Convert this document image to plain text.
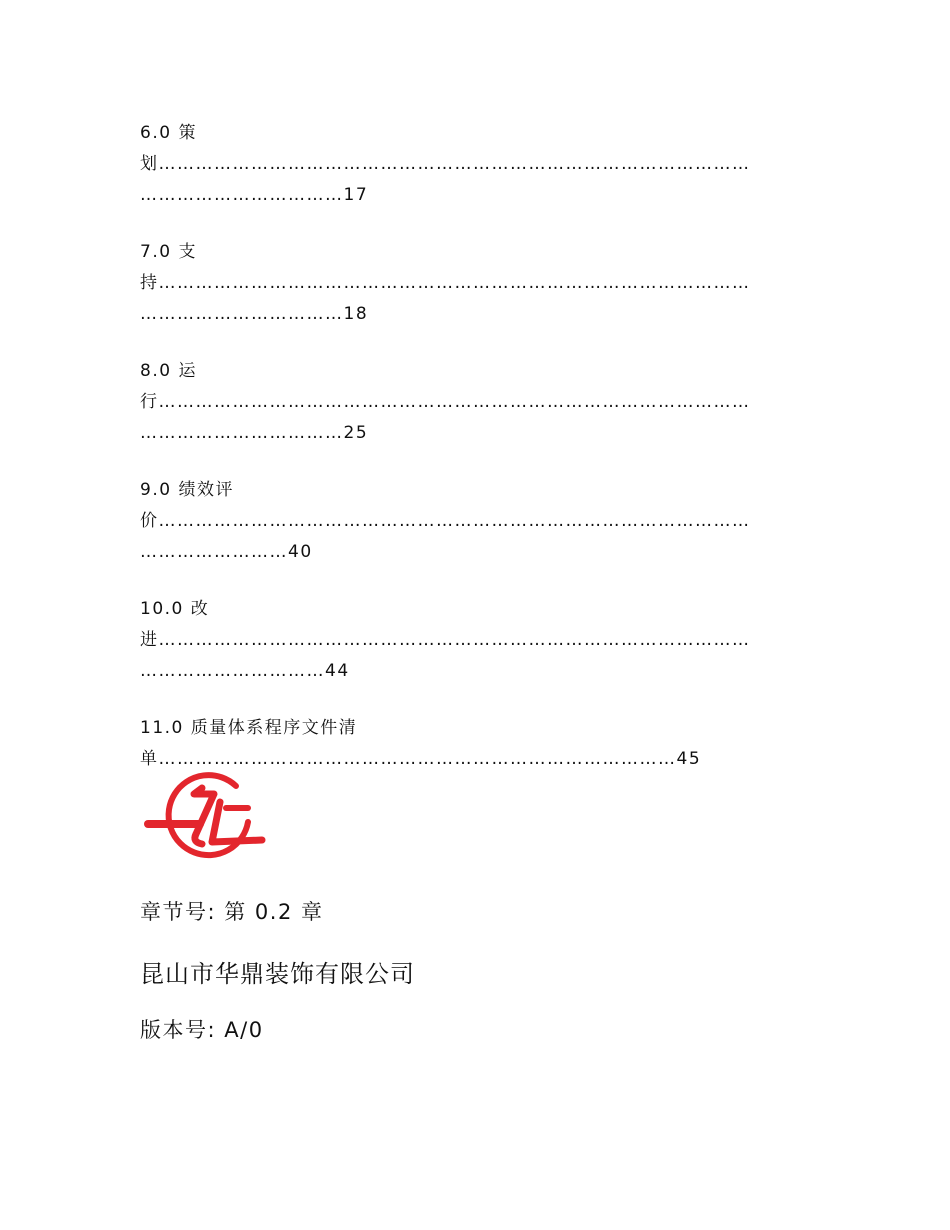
6.0 策
划……………………………………………………………………………………
……………………………17
7.0 支
持……………………………………………………………………………………
……………………………18
8.0 运
行……………………………………………………………………………………
……………………………25
9.0 绩效评
价……………………………………………………………………………………
……………………40
10.0 改
进……………………………………………………………………………………
…………………………44
11.0 质量体系程序文件清
单…………………………………………………………………………45
章节号: 第 0.2 章
昆山市华鼎装饰有限公司
版本号: A/0
